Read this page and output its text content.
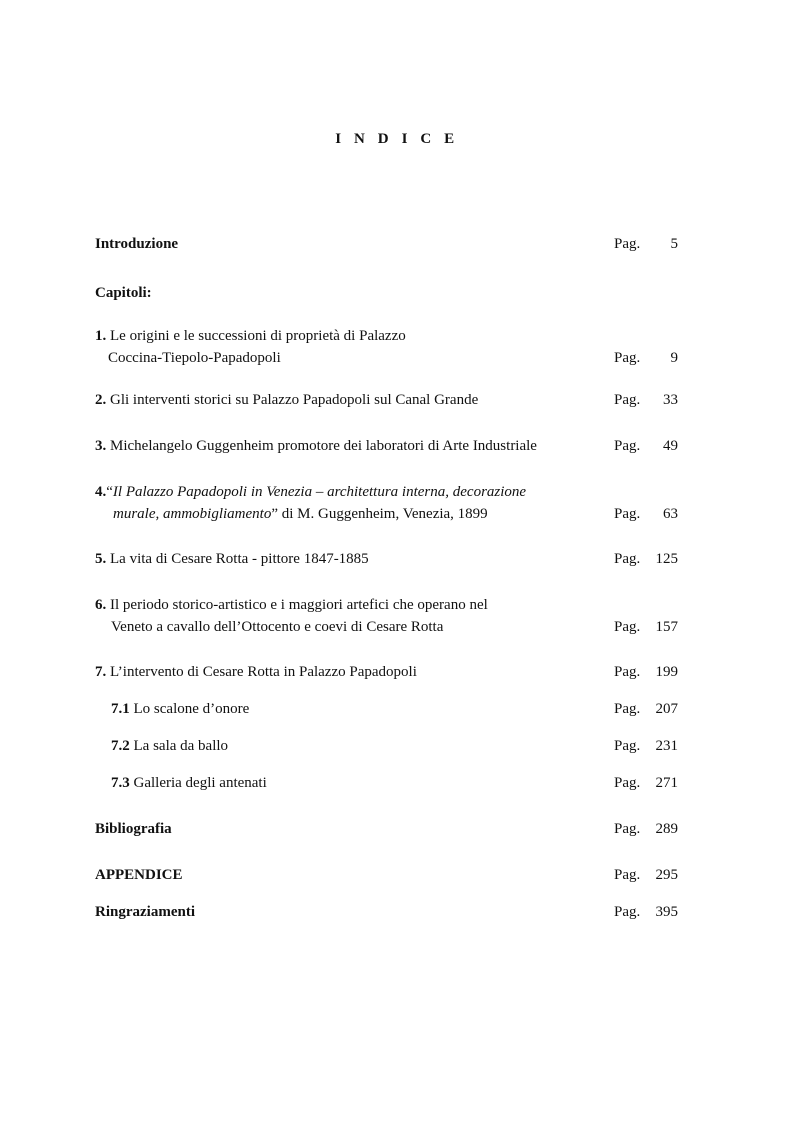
I N D I C E
Introduzione	Pag. 5
Capitoli:
1. Le origini e le successioni di proprietà di Palazzo
Coccina-Tiepolo-Papadopoli	Pag. 9
2. Gli interventi storici su Palazzo Papadopoli sul Canal Grande	Pag. 33
3. Michelangelo Guggenheim promotore dei laboratori di Arte Industriale	Pag. 49
4.“Il Palazzo Papadopoli in Venezia – architettura interna, decorazione
murale, ammobigliamento” di M. Guggenheim, Venezia, 1899	Pag. 63
5. La vita di Cesare Rotta - pittore 1847-1885	Pag. 125
6. Il periodo storico-artistico e i maggiori artefici che operano nel
Veneto a cavallo dell’Ottocento e coevi di Cesare Rotta	Pag. 157
7. L’intervento di Cesare Rotta in Palazzo Papadopoli	Pag. 199
7.1 Lo scalone d’onore	Pag. 207
7.2 La sala da ballo	Pag. 231
7.3 Galleria degli antenati	Pag. 271
Bibliografia	Pag. 289
APPENDICE	Pag. 295
Ringraziamenti	Pag. 395
